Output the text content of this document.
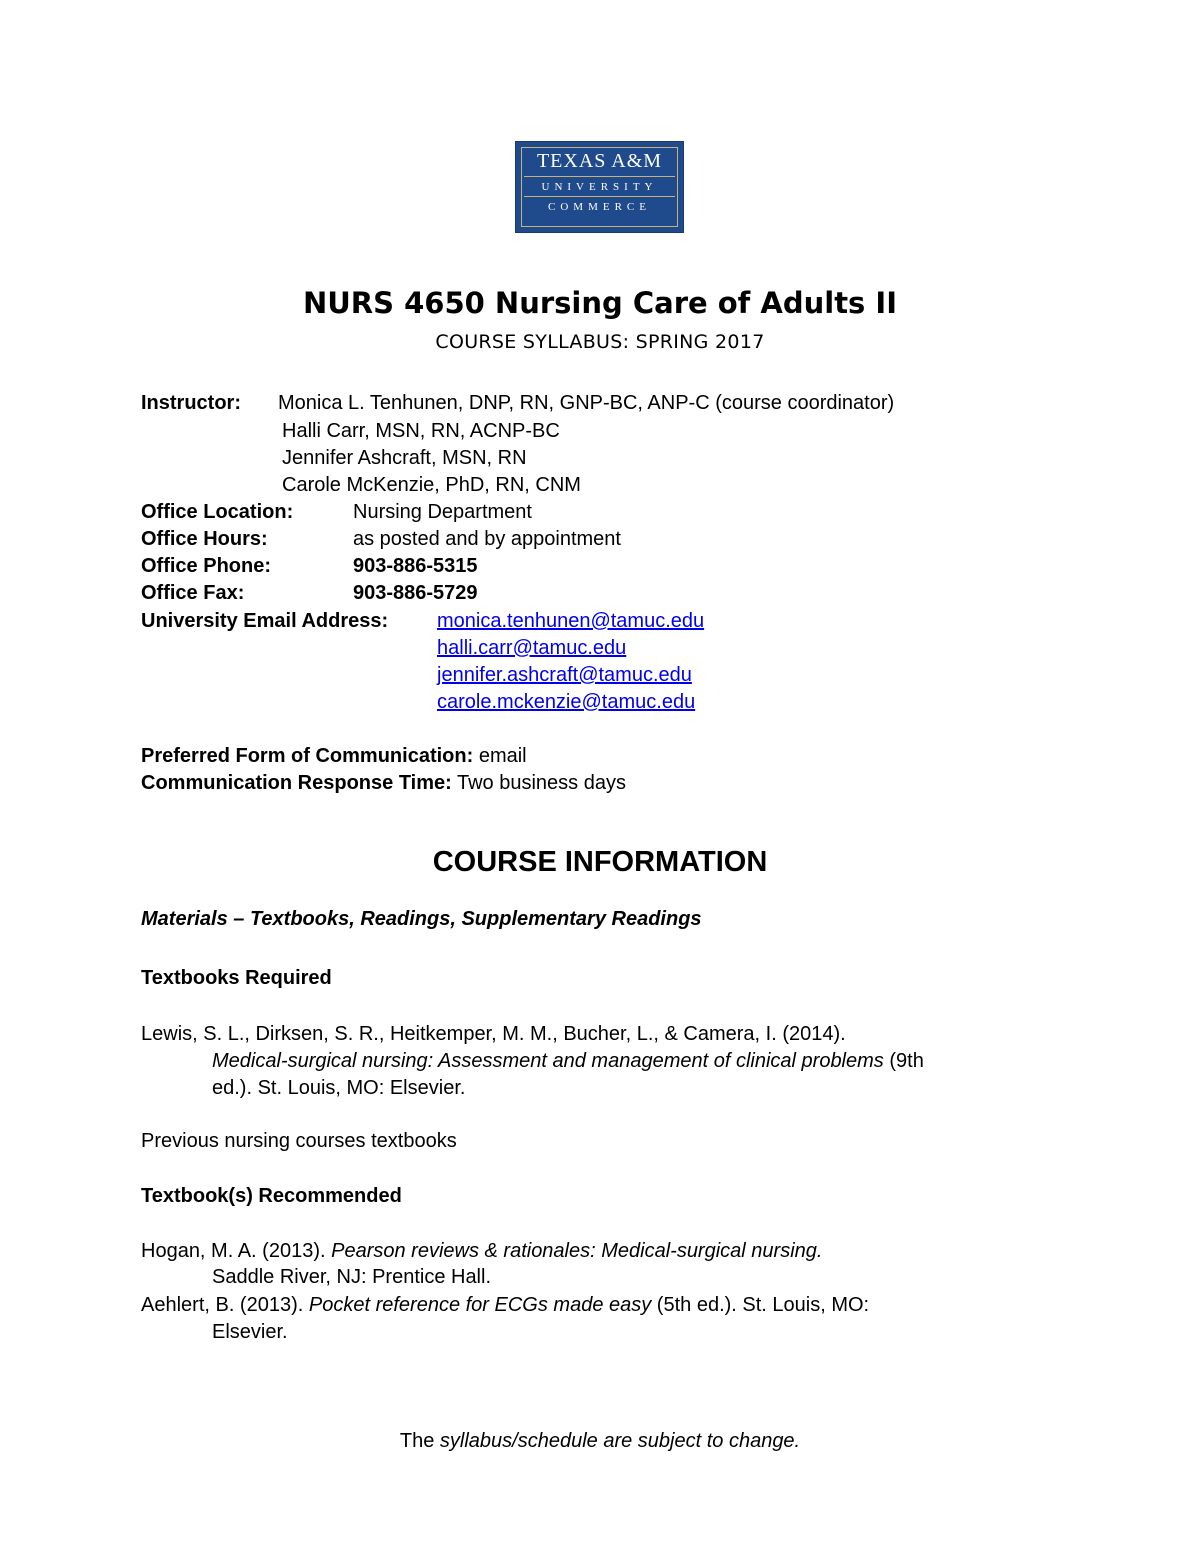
TEXAS A&M
UNIVERSITY
COMMERCE
NURS 4650 Nursing Care of Adults II
COURSE SYLLABUS: SPRING 2017
Instructor: Monica L. Tenhunen, DNP, RN, GNP-BC, ANP-C (course coordinator)
Halli Carr, MSN, RN, ACNP-BC
Jennifer Ashcraft, MSN, RN
Carole McKenzie, PhD, RN, CNM
Office Location:	Nursing Department
Office Hours:	as posted and by appointment
Office Phone:	903-886-5315
Office Fax:	903-886-5729
University Email Address: monica.tenhunen@tamuc.edu
halli.carr@tamuc.edu
jennifer.ashcraft@tamuc.edu
carole.mckenzie@tamuc.edu
Preferred Form of Communication: email
Communication Response Time: Two business days
COURSE INFORMATION
Materials – Textbooks, Readings, Supplementary Readings
Textbooks Required
Lewis, S. L., Dirksen, S. R., Heitkemper, M. M., Bucher, L., & Camera, I. (2014).
Medical-surgical nursing: Assessment and management of clinical problems (9th
ed.). St. Louis, MO: Elsevier.
Previous nursing courses textbooks
Textbook(s) Recommended
Hogan, M. A. (2013). Pearson reviews & rationales: Medical-surgical nursing.
Saddle River, NJ: Prentice Hall.
Aehlert, B. (2013). Pocket reference for ECGs made easy (5th ed.). St. Louis, MO:
Elsevier.
The syllabus/schedule are subject to change.
